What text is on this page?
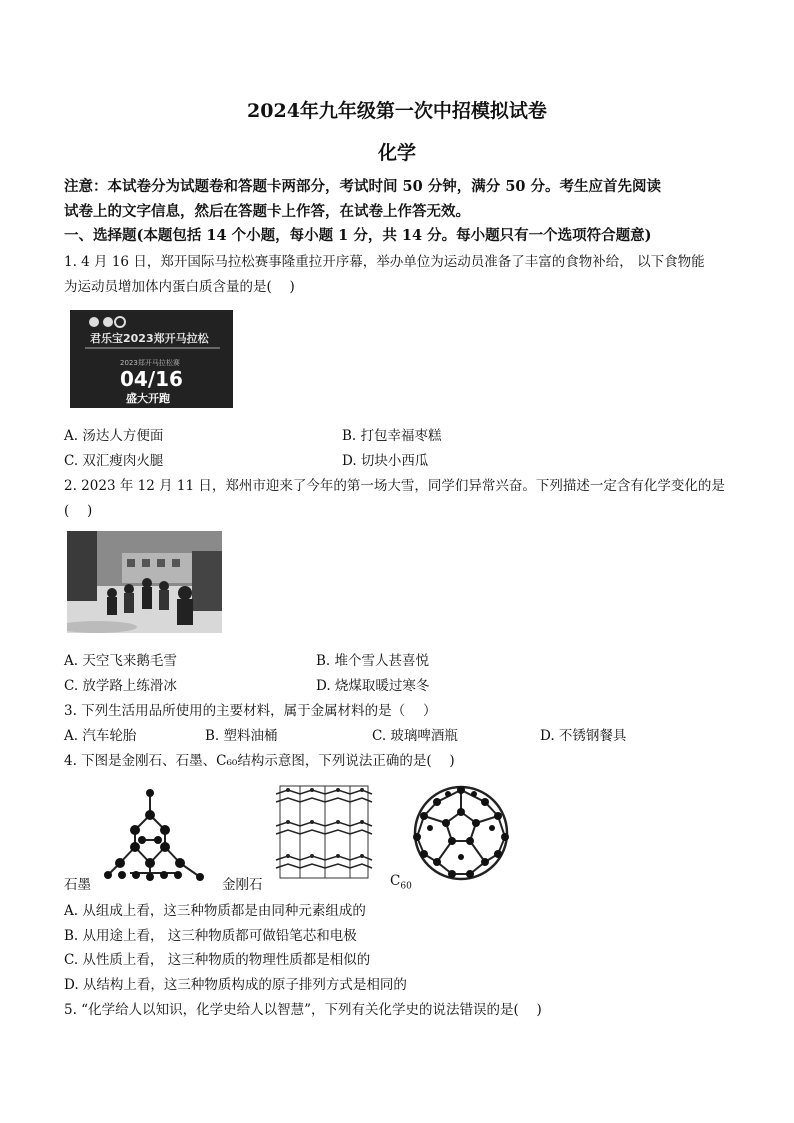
2024年九年级第一次中招模拟试卷
化学
注意：本试卷分为试题卷和答题卡两部分，考试时间 50 分钟，满分 50 分。考生应首先阅读
试卷上的文字信息，然后在答题卡上作答，在试卷上作答无效。
一、选择题(本题包括 14 个小题，每小题 1 分，共 14 分。每小题只有一个选项符合题意)
1. 4 月 16 日，郑开国际马拉松赛事隆重拉开序幕，举办单位为运动员准备了丰富的食物补给， 以下食物能
为运动员增加体内蛋白质含量的是(　 )
君乐宝2023郑开马拉松
2023郑开马拉松赛
04/16
盛大开跑
A. 汤达人方便面	B. 打包幸福枣糕
C. 双汇瘦肉火腿	D. 切块小西瓜
2. 2023 年 12 月 11 日，郑州市迎来了今年的第一场大雪，同学们异常兴奋。下列描述一定含有化学变化的是
(　 )
A. 天空飞来鹅毛雪	B. 堆个雪人甚喜悦
C. 放学路上练滑冰	D. 烧煤取暖过寒冬
3. 下列生活用品所使用的主要材料，属于金属材料的是（　 ）
A. 汽车轮胎	B. 塑料油桶	C. 玻璃啤酒瓶	D. 不锈钢餐具
4. 下图是金刚石、石墨、C₆₀结构示意图，下列说法正确的是(　 )
石墨	金刚石	$C_{60}$
A. 从组成上看，这三种物质都是由同种元素组成的
B. 从用途上看， 这三种物质都可做铅笔芯和电极
C. 从性质上看， 这三种物质的物理性质都是相似的
D. 从结构上看，这三种物质构成的原子排列方式是相同的
5. “化学给人以知识，化学史给人以智慧”，下列有关化学史的说法错误的是(　 )
